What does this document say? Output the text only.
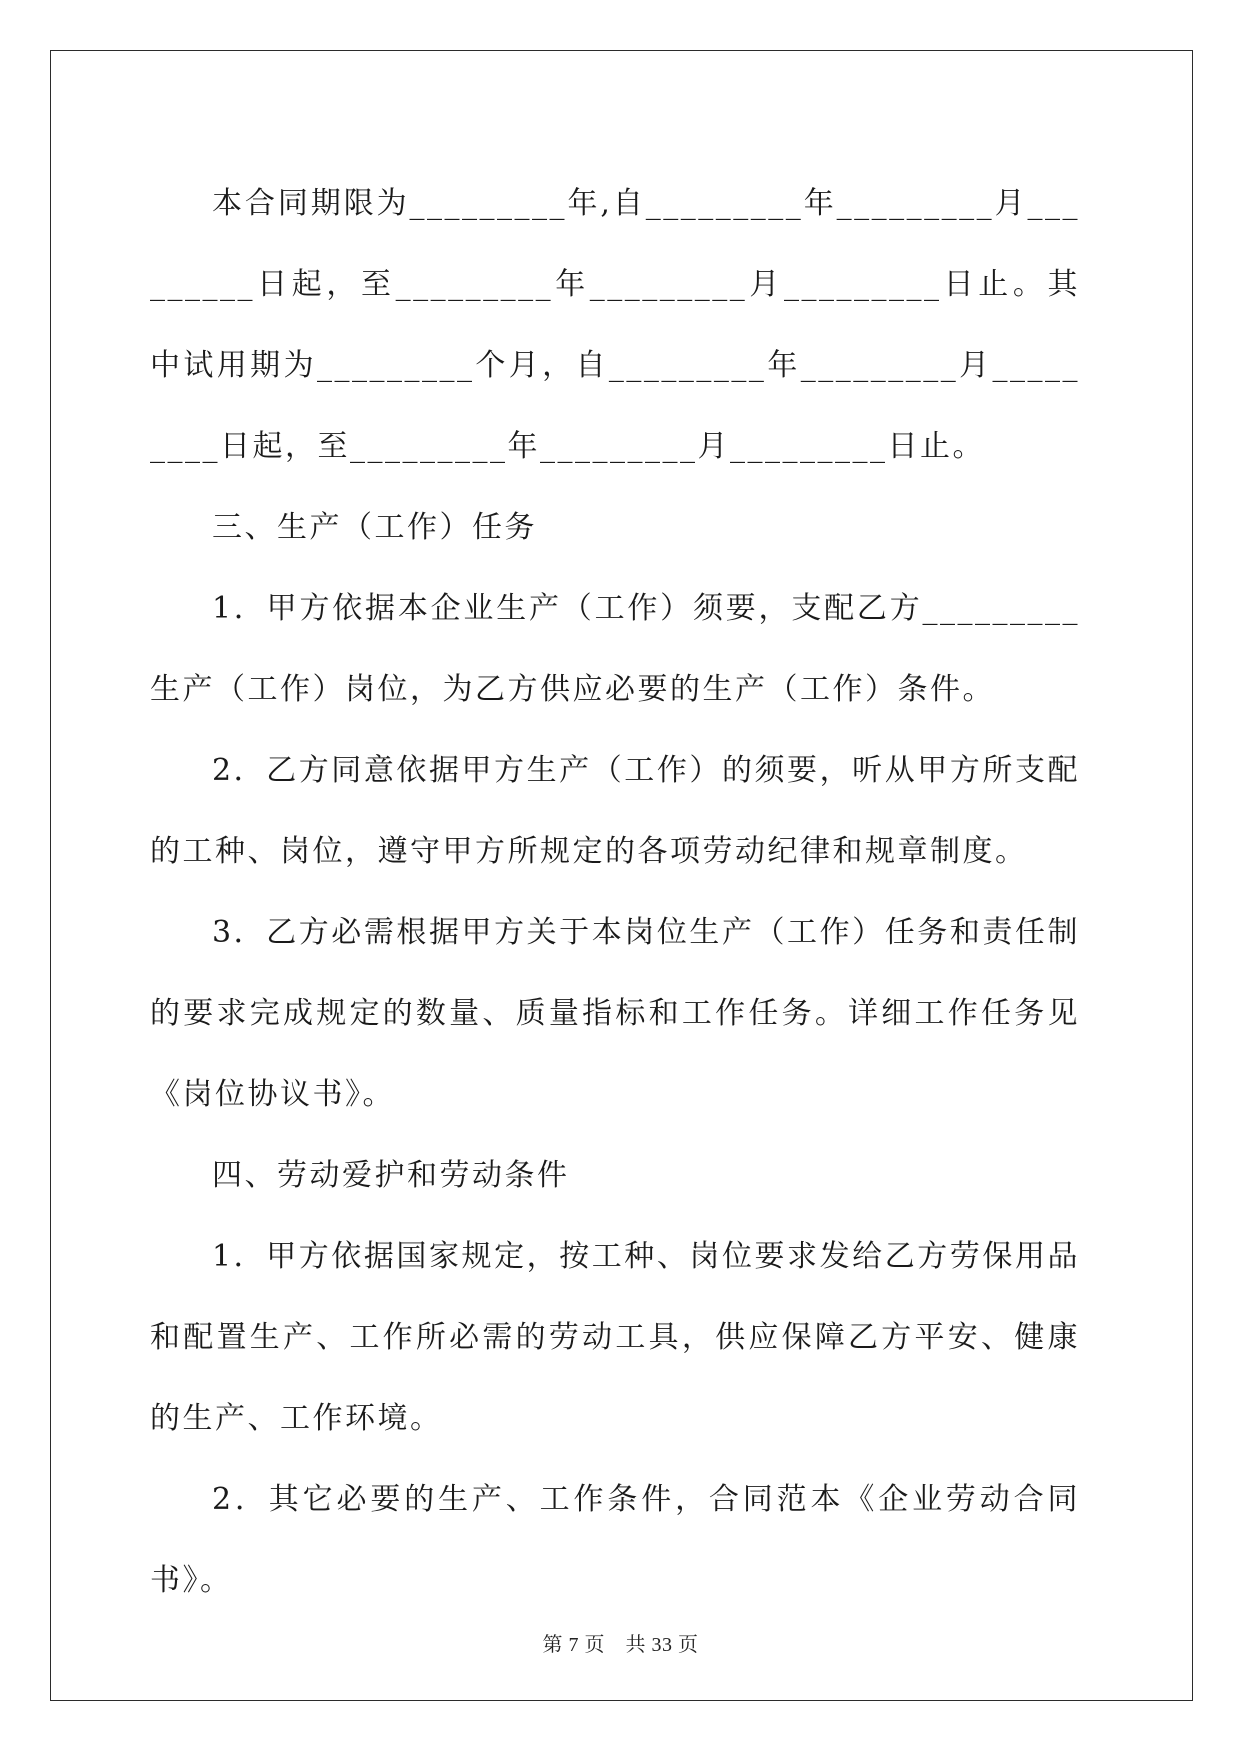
本合同期限为_________年,自_________年_________月_________日起，至_________年_________月_________日止。其中试用期为_________个月，自_________年_________月_________日起，至_________年_________月_________日止。

三、生产（工作）任务

1．甲方依据本企业生产（工作）须要，支配乙方_________生产（工作）岗位，为乙方供应必要的生产（工作）条件。

2．乙方同意依据甲方生产（工作）的须要，听从甲方所支配的工种、岗位，遵守甲方所规定的各项劳动纪律和规章制度。

3．乙方必需根据甲方关于本岗位生产（工作）任务和责任制的要求完成规定的数量、质量指标和工作任务。详细工作任务见《岗位协议书》。

四、劳动爱护和劳动条件

1．甲方依据国家规定，按工种、岗位要求发给乙方劳保用品和配置生产、工作所必需的劳动工具，供应保障乙方平安、健康的生产、工作环境。

2．其它必要的生产、工作条件，合同范本《企业劳动合同书》。

第 7 页　共 33 页
